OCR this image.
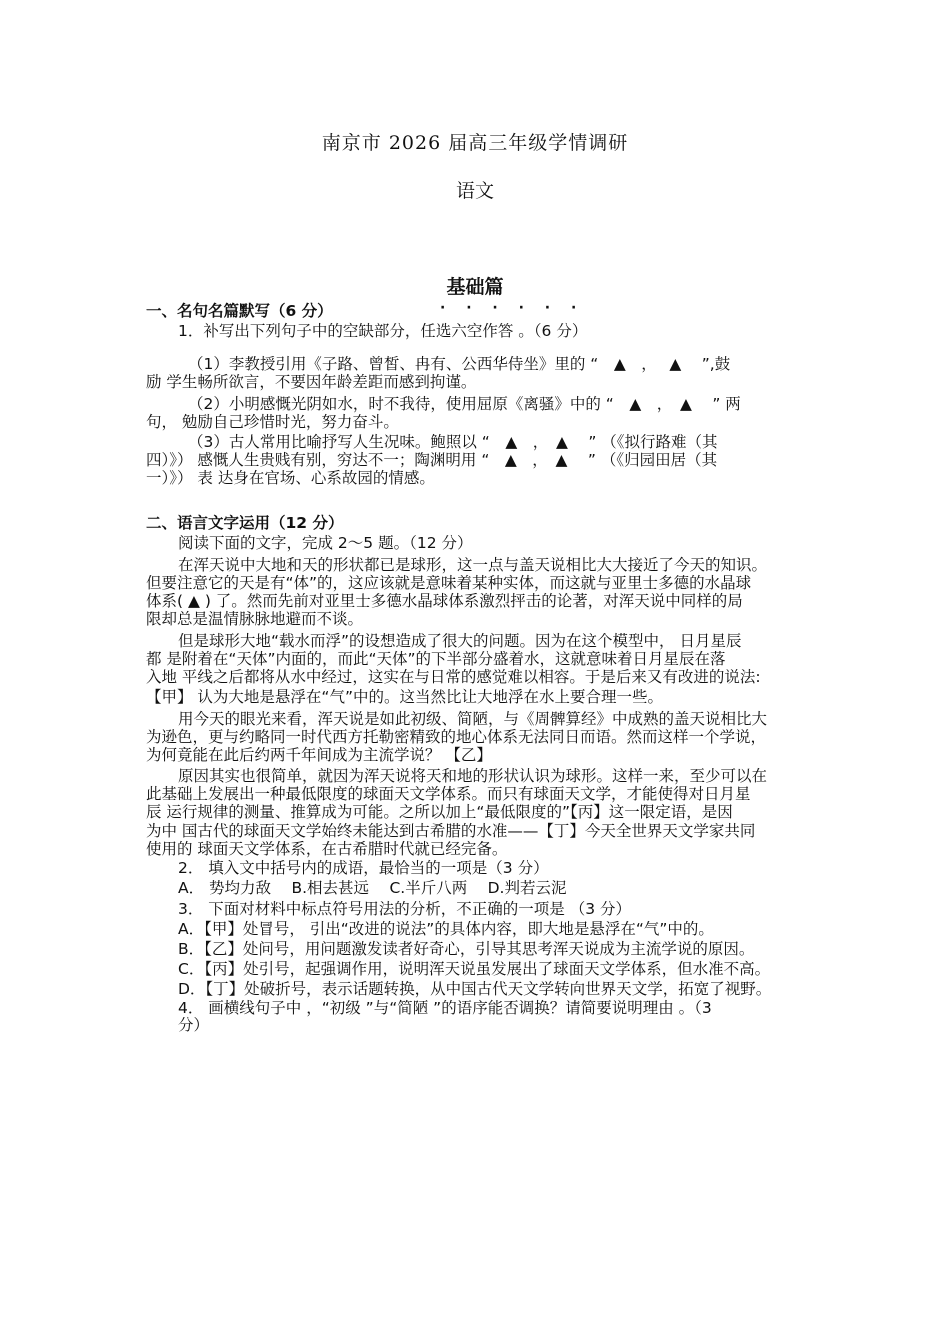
南京市 2026 届高三年级学情调研
语文
基础篇
一、名句名篇默写（6 分）	· · · · · ·
1．补写出下列句子中的空缺部分，任选六空作答 。（6 分）
（1）李教授引用《子路、曾皙、冉有、公西华侍坐》里的 “　▲　，　 ▲　 ”,鼓
励 学生畅所欲言，不要因年龄差距而感到拘谨。
（2）小明感慨光阴如水，时不我待，使用屈原《离骚》中的 “　▲　，　▲　 ” 两
句， 勉励自己珍惜时光，努力奋斗。
（3）古人常用比喻抒写人生况味。鲍照以 “　▲　，　▲　 ” （《拟行路难（其
四）》） 感慨人生贵贱有别，穷达不一；陶渊明用 “　▲　，　▲　 ” （《归园田居（其
一）》） 表 达身在官场、心系故园的情感。
二、语言文字运用（12 分）
阅读下面的文字，完成 2～5 题。（12 分）
在浑天说中大地和天的形状都已是球形，这一点与盖天说相比大大接近了今天的知识。
但要注意它的天是有“体”的，这应该就是意味着某种实体，而这就与亚里士多德的水晶球
体系( ▲ ) 了。然而先前对亚里士多德水晶球体系激烈抨击的论著，对浑天说中同样的局
限却总是温情脉脉地避而不谈。
但是球形大地“载水而浮”的设想造成了很大的问题。因为在这个模型中， 日月星辰
都 是附着在“天体”内面的，而此“天体”的下半部分盛着水，这就意味着日月星辰在落
入地 平线之后都将从水中经过，这实在与日常的感觉难以相容。于是后来又有改进的说法:
【甲】 认为大地是悬浮在“气”中的。这当然比让大地浮在水上要合理一些。
用今天的眼光来看，浑天说是如此初级、简陋，与《周髀算经》中成熟的盖天说相比大
为逊色，更与约略同一时代西方托勒密精致的地心体系无法同日而语。然而这样一个学说，
为何竟能在此后约两千年间成为主流学说？ 【乙】
原因其实也很简单，就因为浑天说将天和地的形状认识为球形。这样一来，至少可以在
此基础上发展出一种最低限度的球面天文学体系。而只有球面天文学，才能使得对日月星
辰 运行规律的测量、推算成为可能。之所以加上“最低限度的”【丙】这一限定语，是因
为中 国古代的球面天文学始终未能达到古希腊的水准——【丁】今天全世界天文学家共同
使用的 球面天文学体系，在古希腊时代就已经完备。
2． 填入文中括号内的成语，最恰当的一项是（3 分）
A． 势均力敌　 B.相去甚远　 C.半斤八两　 D.判若云泥
3． 下面对材料中标点符号用法的分析，不正确的一项是 （3 分）
A．【甲】处冒号， 引出“改进的说法”的具体内容，即大地是悬浮在“气”中的。
B．【乙】处问号，用问题激发读者好奇心，引导其思考浑天说成为主流学说的原因。
C．【丙】处引号，起强调作用，说明浑天说虽发展出了球面天文学体系，但水准不高。
D．【丁】处破折号，表示话题转换，从中国古代天文学转向世界天文学，拓宽了视野。
4． 画横线句子中 ，“初级 ”与“简陋 ”的语序能否调换？请简要说明理由 。（3
分）
